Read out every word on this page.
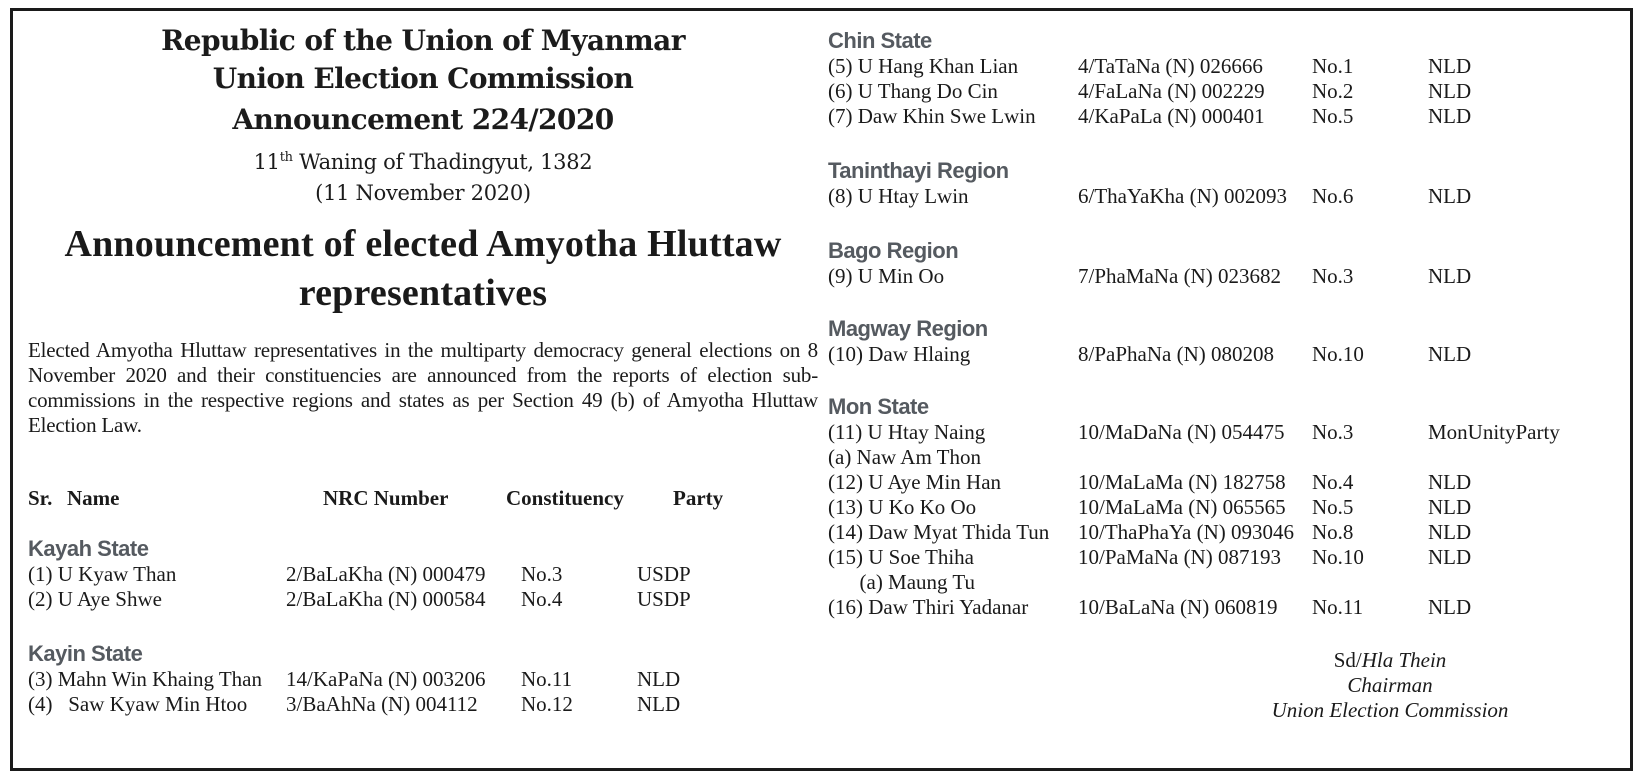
Republic of the Union of Myanmar
Union Election Commission
Announcement 224/2020
11th Waning of Thadingyut, 1382
(11 November 2020)
Announcement of elected Amyotha Hluttaw
representatives
Elected Amyotha Hluttaw representatives in the multiparty democracy general elections on 8 November 2020 and their constituencies are announced from the reports of election sub-commissions in the respective regions and states as per Section 49 (b) of Amyotha Hluttaw Election Law.
Sr. Name	NRC Number	Constituency Party
Kayah State
(1) U Kyaw Than	2/BaLaKha (N) 000479 No.3	USDP
(2) U Aye Shwe	2/BaLaKha (N) 000584 No.4	USDP
Kayin State
(3) Mahn Win Khaing Than 14/KaPaNa (N) 003206 No.11	NLD
(4)   Saw Kyaw Min Htoo 3/BaAhNa (N) 004112 No.12	NLD
Chin State
(5) U Hang Khan Lian	4/TaTaNa (N) 026666 No.1	NLD
(6) U Thang Do Cin	4/FaLaNa (N) 002229 No.2	NLD
(7) Daw Khin Swe Lwin 4/KaPaLa (N) 000401 No.5	NLD
Taninthayi Region
(8) U Htay Lwin	6/ThaYaKha (N) 002093 No.6	NLD
Bago Region
(9) U Min Oo	7/PhaMaNa (N) 023682 No.3	NLD
Magway Region
(10) Daw Hlaing	8/PaPhaNa (N) 080208 No.10	NLD
Mon State
(11) U Htay Naing	10/MaDaNa (N) 054475 No.3	MonUnityParty
(a) Naw Am Thon
(12) U Aye Min Han	10/MaLaMa (N) 182758 No.4	NLD
(13) U Ko Ko Oo	10/MaLaMa (N) 065565 No.5	NLD
(14) Daw Myat Thida Tun 10/ThaPhaYa (N) 093046 No.8	NLD
(15) U Soe Thiha	10/PaMaNa (N) 087193 No.10	NLD
(a) Maung Tu
(16) Daw Thiri Yadanar 10/BaLaNa (N) 060819 No.11	NLD
Sd/Hla Thein
Chairman
Union Election Commission
